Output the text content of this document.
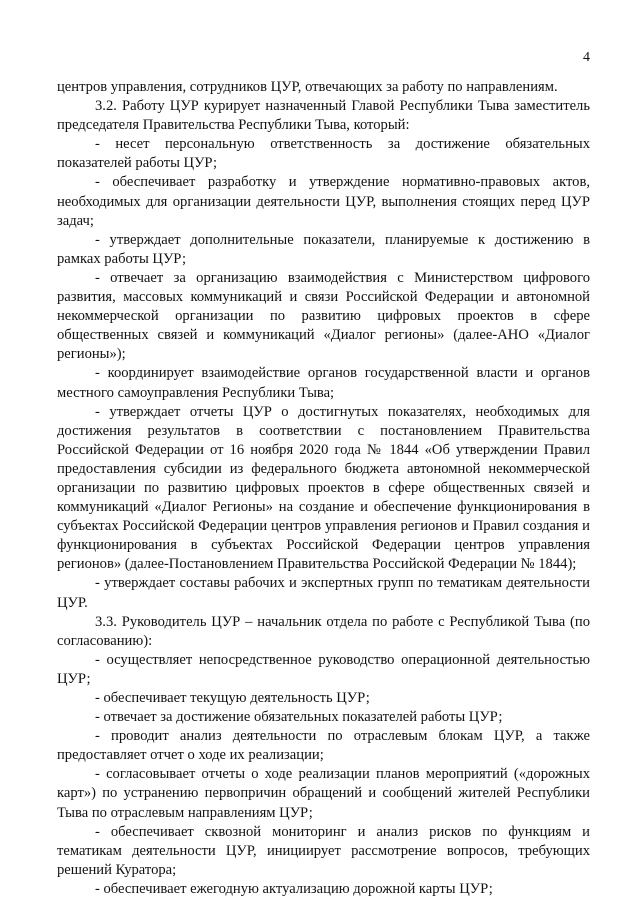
4

центров управления, сотрудников ЦУР, отвечающих за работу по направлениям.

3.2. Работу ЦУР курирует назначенный Главой Республики Тыва заместитель председателя Правительства Республики Тыва, который:

- несет персональную ответственность за достижение обязательных показателей работы ЦУР;

- обеспечивает разработку и утверждение нормативно-правовых актов, необходимых для организации деятельности ЦУР, выполнения стоящих перед ЦУР задач;

- утверждает дополнительные показатели, планируемые к достижению в рамках работы ЦУР;

- отвечает за организацию взаимодействия с Министерством цифрового развития, массовых коммуникаций и связи Российской Федерации и автономной некоммерческой организации по развитию цифровых проектов в сфере общественных связей и коммуникаций «Диалог регионы» (далее-АНО «Диалог регионы»);

- координирует взаимодействие органов государственной власти и органов местного самоуправления Республики Тыва;

- утверждает отчеты ЦУР о достигнутых показателях, необходимых для достижения результатов в соответствии с постановлением Правительства Российской Федерации от 16 ноября 2020 года № 1844 «Об утверждении Правил предоставления субсидии из федерального бюджета автономной некоммерческой организации по развитию цифровых проектов в сфере общественных связей и коммуникаций «Диалог Регионы» на создание и обеспечение функционирования в субъектах Российской Федерации центров управления регионов и Правил создания и функционирования в субъектах Российской Федерации центров управления регионов» (далее-Постановлением Правительства Российской Федерации № 1844);

- утверждает составы рабочих и экспертных групп по тематикам деятельности ЦУР.

3.3. Руководитель ЦУР – начальник отдела по работе с Республикой Тыва (по согласованию):

- осуществляет непосредственное руководство операционной деятельностью ЦУР;

- обеспечивает текущую деятельность ЦУР;

- отвечает за достижение обязательных показателей работы ЦУР;

- проводит анализ деятельности по отраслевым блокам ЦУР, а также предоставляет отчет о ходе их реализации;

- согласовывает отчеты о ходе реализации планов мероприятий («дорожных карт») по устранению первопричин обращений и сообщений жителей Республики Тыва по отраслевым направлениям ЦУР;

- обеспечивает сквозной мониторинг и анализ рисков по функциям и тематикам деятельности ЦУР, инициирует рассмотрение вопросов, требующих решений Куратора;

- обеспечивает ежегодную актуализацию дорожной карты ЦУР;
